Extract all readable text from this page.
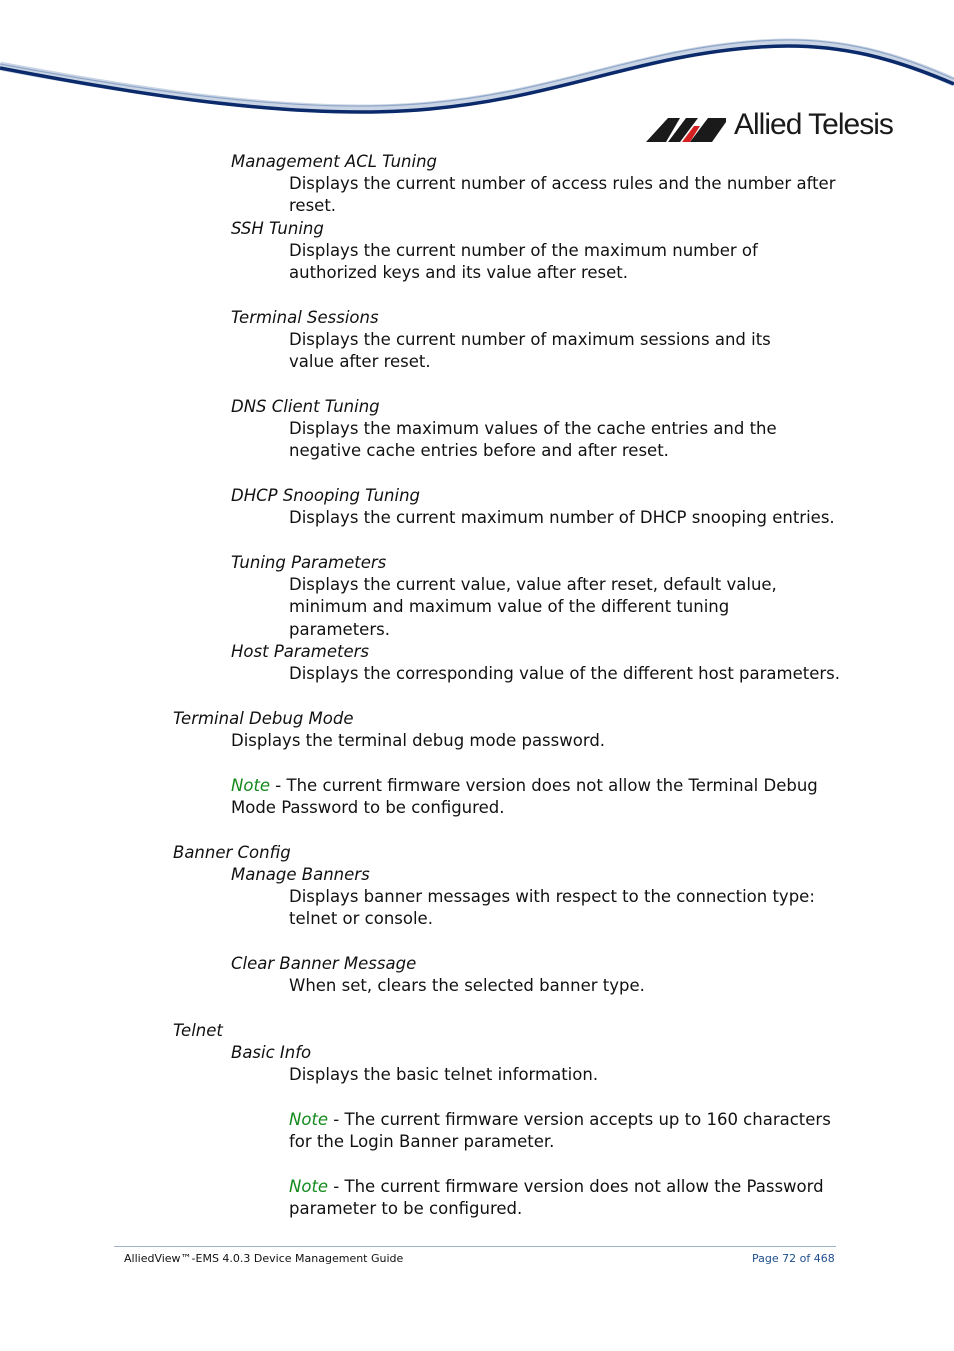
Allied Telesis
Management ACL Tuning
Displays the current number of access rules and the number after reset.
SSH Tuning
Displays the current number of the maximum number of authorized keys and its value after reset.
Terminal Sessions
Displays the current number of maximum sessions and its value after reset.
DNS Client Tuning
Displays the maximum values of the cache entries and the negative cache entries before and after reset.
DHCP Snooping Tuning
Displays the current maximum number of DHCP snooping entries.
Tuning Parameters
Displays the current value, value after reset, default value, minimum and maximum value of the different tuning parameters.
Host Parameters
Displays the corresponding value of the different host parameters.
Terminal Debug Mode
Displays the terminal debug mode password.
Note - The current firmware version does not allow the Terminal Debug Mode Password to be configured.
Banner Config
Manage Banners
Displays banner messages with respect to the connection type: telnet or console.
Clear Banner Message
When set, clears the selected banner type.
Telnet
Basic Info
Displays the basic telnet information.
Note - The current firmware version accepts up to 160 characters for the Login Banner parameter.
Note - The current firmware version does not allow the Password parameter to be configured.
AlliedView™-EMS 4.0.3 Device Management Guide	Page 72 of 468
